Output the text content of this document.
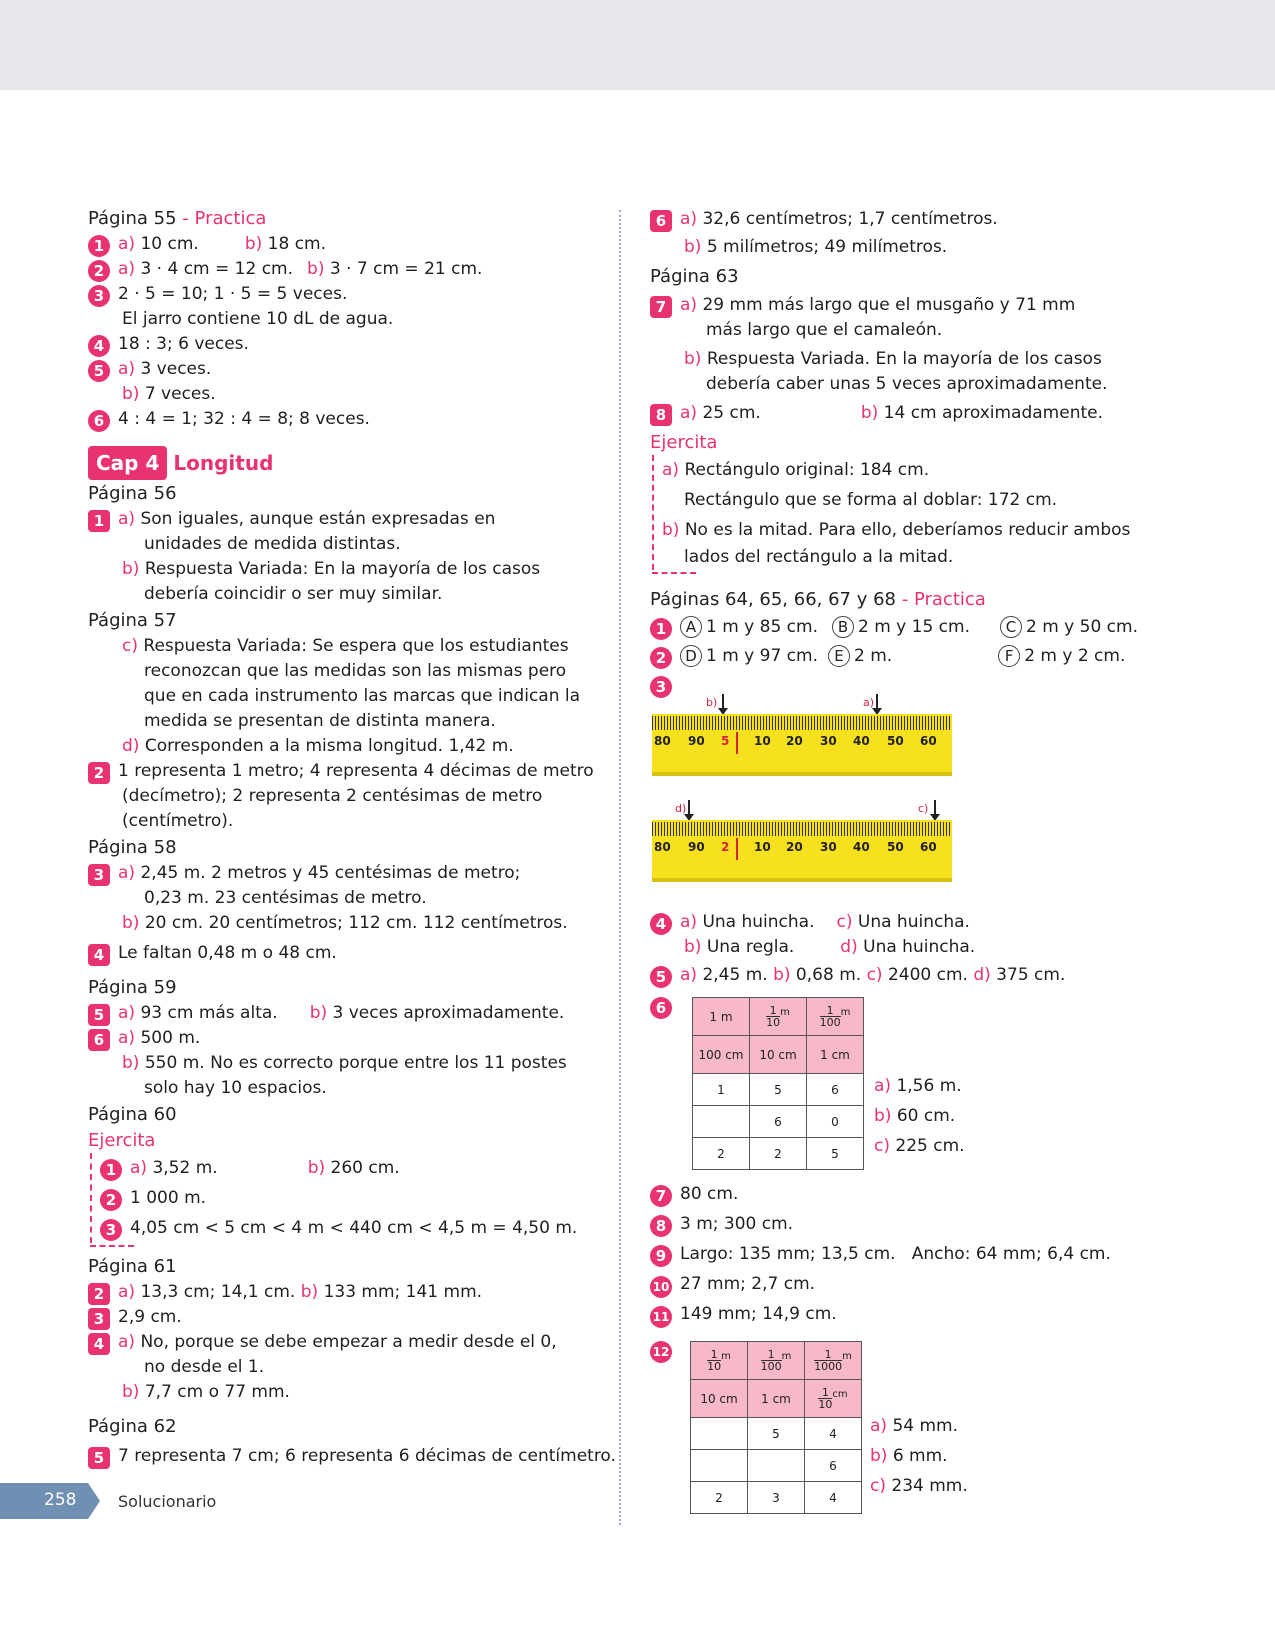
Página 55 - Practica
1 a) 10 cm.	b) 18 cm.
2 a) 3 · 4 cm = 12 cm. b) 3 · 7 cm = 21 cm.
3 2 · 5 = 10; 1 · 5 = 5 veces.
El jarro contiene 10 dL de agua.
4 18 : 3; 6 veces.
5 a) 3 veces.
b) 7 veces.
6 4 : 4 = 1; 32 : 4 = 8; 8 veces.
Cap 4 Longitud
Página 56
1 a) Son iguales, aunque están expresadas en
unidades de medida distintas.
b) Respuesta Variada: En la mayoría de los casos
debería coincidir o ser muy similar.
Página 57
c) Respuesta Variada: Se espera que los estudiantes
reconozcan que las medidas son las mismas pero
que en cada instrumento las marcas que indican la
medida se presentan de distinta manera.
d) Corresponden a la misma longitud. 1,42 m.
2 1 representa 1 metro; 4 representa 4 décimas de metro
(decímetro); 2 representa 2 centésimas de metro
(centímetro).
Página 58
3 a) 2,45 m. 2 metros y 45 centésimas de metro;
0,23 m. 23 centésimas de metro.
b) 20 cm. 20 centímetros; 112 cm. 112 centímetros.
4 Le faltan 0,48 m o 48 cm.
Página 59
5 a) 93 cm más alta. b) 3 veces aproximadamente.
6 a) 500 m.
b) 550 m. No es correcto porque entre los 11 postes
solo hay 10 espacios.
Página 60
Ejercita
1 a) 3,52 m.	b) 260 cm.
2 1 000 m.
3 4,05 cm < 5 cm < 4 m < 440 cm < 4,5 m = 4,50 m.
Página 61
2 a) 13,3 cm; 14,1 cm. b) 133 mm; 141 mm.
3 2,9 cm.
4 a) No, porque se debe empezar a medir desde el 0,
no desde el 1.
b) 7,7 cm o 77 mm.
Página 62
5 7 representa 7 cm; 6 representa 6 décimas de centímetro.
6 a) 32,6 centímetros; 1,7 centímetros.
b) 5 milímetros; 49 milímetros.
Página 63
7 a) 29 mm más largo que el musgaño y 71 mm
más largo que el camaleón.
b) Respuesta Variada. En la mayoría de los casos
debería caber unas 5 veces aproximadamente.
8 a) 25 cm.	b) 14 cm aproximadamente.
Ejercita
a) Rectángulo original: 184 cm.
Rectángulo que se forma al doblar: 172 cm.
b) No es la mitad. Para ello, deberíamos reducir ambos
lados del rectángulo a la mitad.
Páginas 64, 65, 66, 67 y 68 - Practica
1 A 1 m y 85 cm. B 2 m y 15 cm. C 2 m y 50 cm.
2 D 1 m y 97 cm. E 2 m.	F 2 m y 2 cm.
3
b)	a)
80 90 5 10 20 30 40 50 60
d)	c)
80 90 2 10 20 30 40 50 60
4 a) Una huincha. c) Una huincha.
b) Una regla.	d) Una huincha.
5 a) 2,45 m. b) 0,68 m. c) 2400 cm. d) 375 cm.
6	1 m	$\frac{1}{10} ^m$	$\frac{1}{100} ^m$
100 cm	10 cm	1 cm
1	5	6
	6	0
2	2	5
a) 1,56 m.
b) 60 cm.
c) 225 cm.
7 80 cm.
8 3 m; 300 cm.
9 Largo: 135 mm; 13,5 cm.   Ancho: 64 mm; 6,4 cm.
10 27 mm; 2,7 cm.
11 149 mm; 14,9 cm.
12	$\frac{1}{10} ^m$	$\frac{1}{100} ^m$	$\frac{1}{1000} ^m$
10 cm	1 cm	$\frac{1}{10} ^{cm}$
	5	4
		6
2	3	4
a) 54 mm.
b) 6 mm.
c) 234 mm.
258	Solucionario
